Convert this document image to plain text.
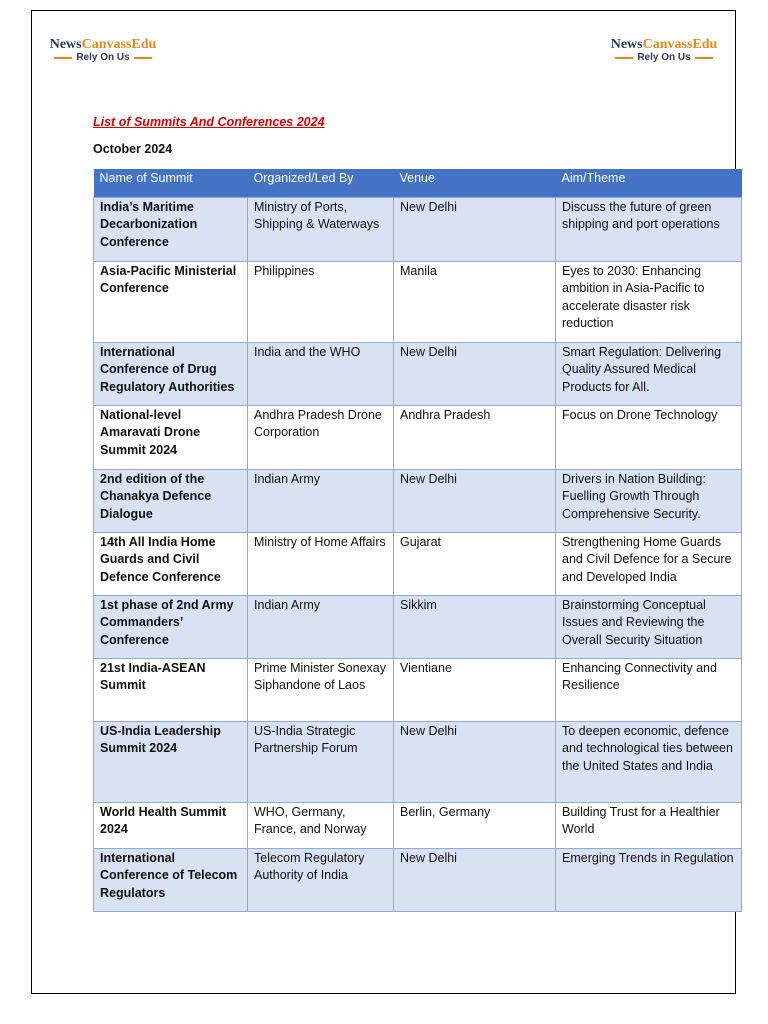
NewsCanvassEdu
Rely On Us
NewsCanvassEdu
Rely On Us
List of Summits And Conferences 2024
October 2024
Name of Summit	Organized/Led By	Venue	Aim/Theme
India’s Maritime Decarbonization Conference	Ministry of Ports, Shipping & Waterways	New Delhi	Discuss the future of green shipping and port operations
Asia-Pacific Ministerial Conference	Philippines	Manila	Eyes to 2030: Enhancing ambition in Asia-Pacific to accelerate disaster risk reduction
International Conference of Drug Regulatory Authorities	India and the WHO	New Delhi	Smart Regulation: Delivering Quality Assured Medical Products for All.
National-level Amaravati Drone Summit 2024	Andhra Pradesh Drone Corporation	Andhra Pradesh	Focus on Drone Technology
2nd edition of the Chanakya Defence Dialogue	Indian Army	New Delhi	Drivers in Nation Building: Fuelling Growth Through Comprehensive Security.
14th All India Home Guards and Civil Defence Conference	Ministry of Home Affairs	Gujarat	Strengthening Home Guards and Civil Defence for a Secure and Developed India
1st phase of 2nd Army Commanders’ Conference	Indian Army	Sikkim	Brainstorming Conceptual Issues and Reviewing the Overall Security Situation
21st India-ASEAN Summit	Prime Minister Sonexay Siphandone of Laos	Vientiane	Enhancing Connectivity and Resilience
US-India Leadership Summit 2024	US-India Strategic Partnership Forum	New Delhi	To deepen economic, defence and technological ties between the United States and India
World Health Summit 2024	WHO, Germany, France, and Norway	Berlin, Germany	Building Trust for a Healthier World
International Conference of Telecom Regulators	Telecom Regulatory Authority of India	New Delhi	Emerging Trends in Regulation
